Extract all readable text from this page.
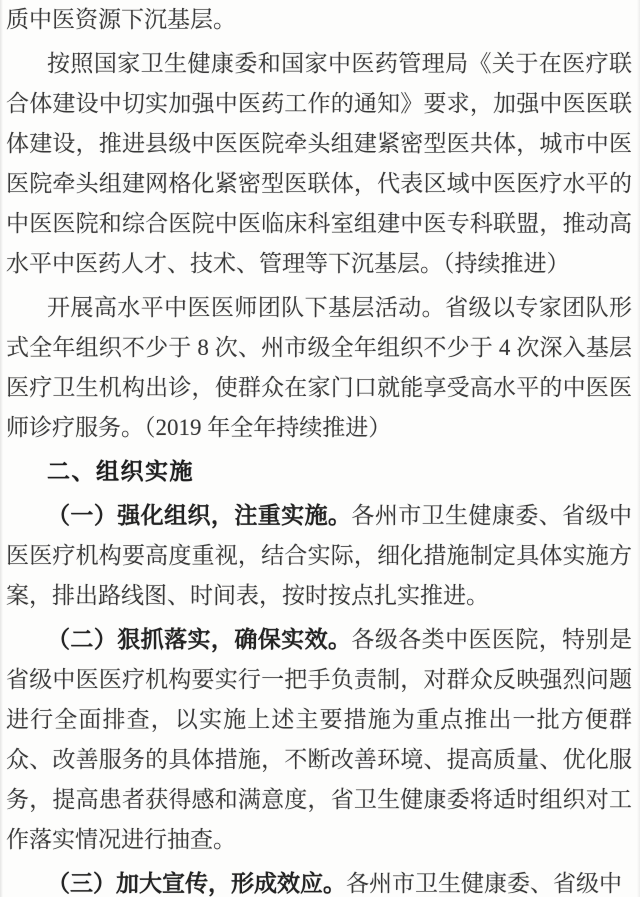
质中医资源下沉基层。

按照国家卫生健康委和国家中医药管理局《关于在医疗联合体建设中切实加强中医药工作的通知》要求，加强中医医联体建设，推进县级中医医院牵头组建紧密型医共体，城市中医医院牵头组建网格化紧密型医联体，代表区域中医医疗水平的中医医院和综合医院中医临床科室组建中医专科联盟，推动高水平中医药人才、技术、管理等下沉基层。（持续推进）

开展高水平中医医师团队下基层活动。省级以专家团队形式全年组织不少于 8 次、州市级全年组织不少于 4 次深入基层医疗卫生机构出诊，使群众在家门口就能享受高水平的中医医师诊疗服务。（2019 年全年持续推进）

二、组织实施

（一）强化组织，注重实施。各州市卫生健康委、省级中医医疗机构要高度重视，结合实际，细化措施制定具体实施方案，排出路线图、时间表，按时按点扎实推进。

（二）狠抓落实，确保实效。各级各类中医医院，特别是省级中医医疗机构要实行一把手负责制，对群众反映强烈问题进行全面排查，以实施上述主要措施为重点推出一批方便群众、改善服务的具体措施，不断改善环境、提高质量、优化服务，提高患者获得感和满意度，省卫生健康委将适时组织对工作落实情况进行抽查。

（三）加大宣传，形成效应。各州市卫生健康委、省级中
